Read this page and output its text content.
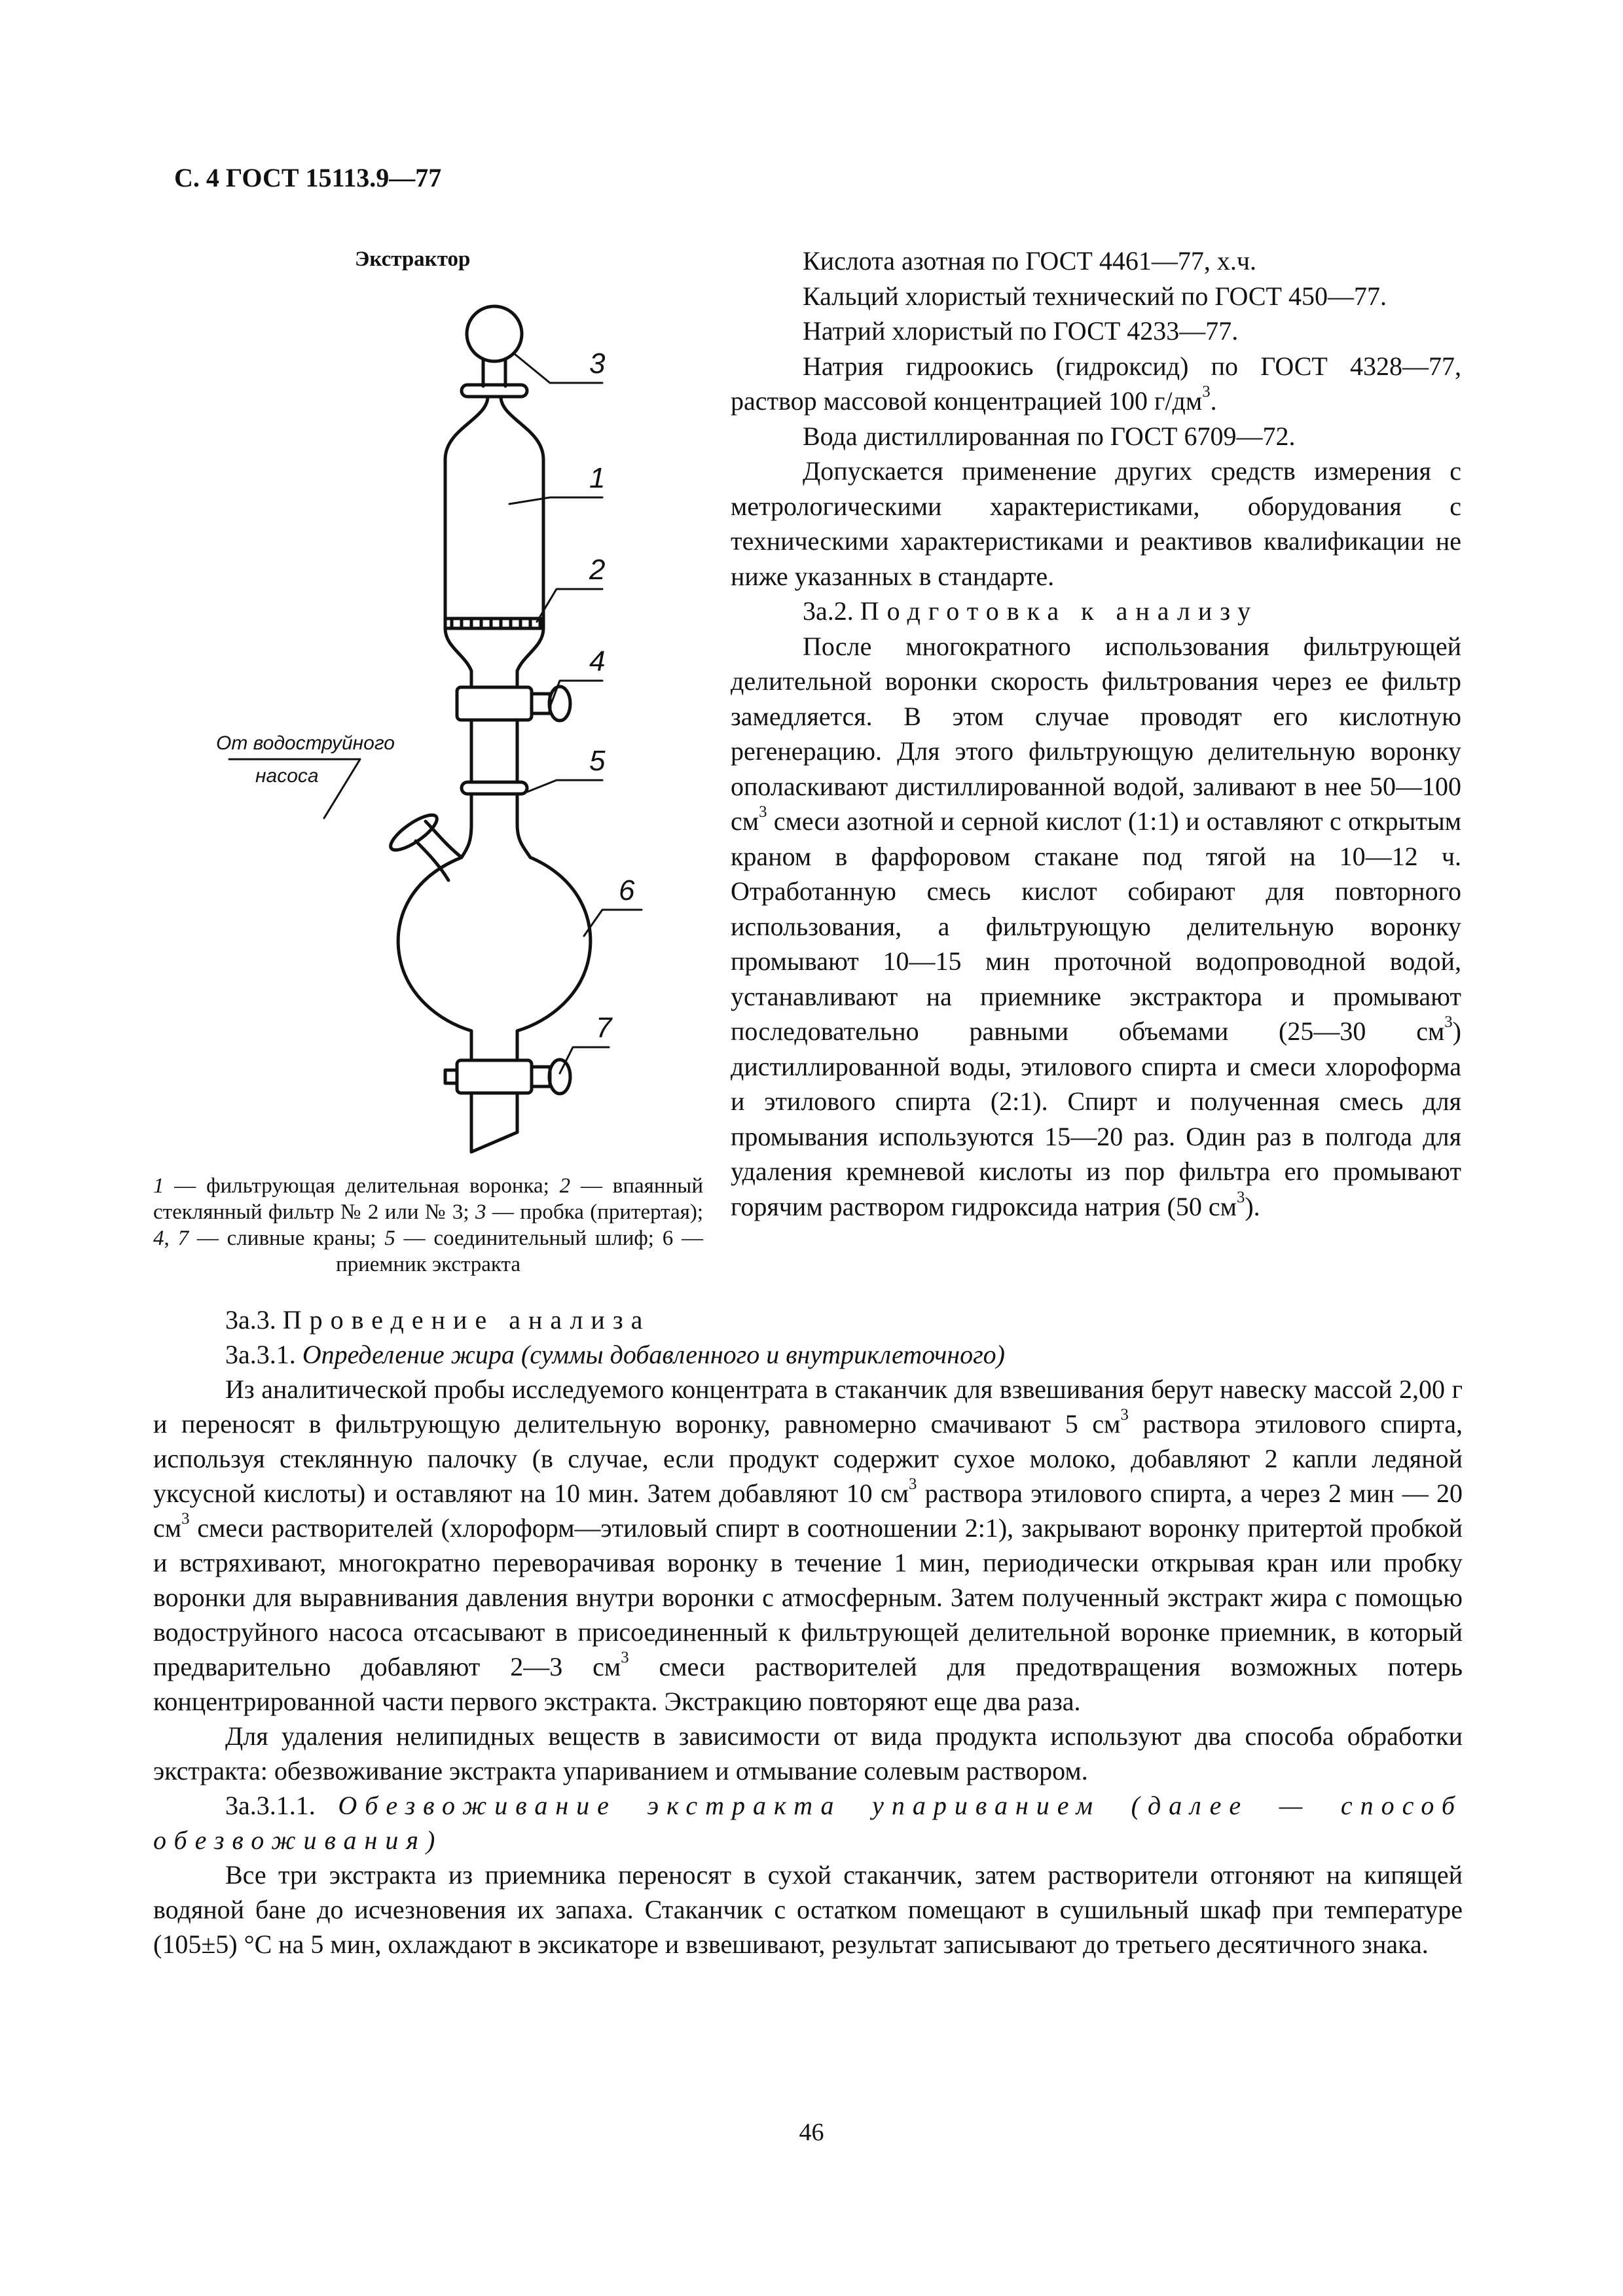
С. 4 ГОСТ 15113.9—77
Экстрактор
3
1
2
4
5
6
7
От водоструйного
насоса
1 — фильтрующая делительная воронка; 2 — впаянный стеклянный фильтр № 2 или № 3; 3 — пробка (притертая); 4, 7 — сливные краны; 5 — соединительный шлиф; 6 — приемник экстракта

Кислота азотная по ГОСТ 4461—77, х.ч.

Кальций хлористый технический по ГОСТ 450—77.

Натрий хлористый по ГОСТ 4233—77.

Натрия гидроокись (гидроксид) по ГОСТ 4328—77, раствор массовой концентрацией 100 $г/дм^3$.

Вода дистиллированная по ГОСТ 6709—72.

Допускается применение других средств измерения с метрологическими характеристиками, оборудования с техническими характеристиками и реактивов квалификации не ниже указанных в стандарте.

3а.2. Подготовка к анализу

После многократного использования фильтрующей делительной воронки скорость фильтрования через ее фильтр замедляется. В этом случае проводят его кислотную регенерацию. Для этого фильтрующую делительную воронку ополаскивают дистиллированной водой, заливают в нее 50—100 $см^3$ смеси азотной и серной кислот (1:1) и оставляют с открытым краном в фарфоровом стакане под тягой на 10—12 ч. Отработанную смесь кислот собирают для повторного использования, а фильтрующую делительную воронку промывают 10—15 мин проточной водопроводной водой, устанавливают на приемнике экстрактора и промывают последовательно равными объемами (25—30 $см^3$) дистиллированной воды, этилового спирта и смеси хлороформа и этилового спирта (2:1). Спирт и полученная смесь для промывания используются 15—20 раз. Один раз в полгода для удаления кремневой кислоты из пор фильтра его промывают горячим раствором гидроксида натрия (50 $см^3$).

3а.3. Проведение анализа

3а.3.1. Определение жира (суммы добавленного и внутриклеточного)

Из аналитической пробы исследуемого концентрата в стаканчик для взвешивания берут навеску массой 2,00 г и переносят в фильтрующую делительную воронку, равномерно смачивают 5 $см^3$ раствора этилового спирта, используя стеклянную палочку (в случае, если продукт содержит сухое молоко, добавляют 2 капли ледяной уксусной кислоты) и оставляют на 10 мин. Затем добавляют 10 $см^3$ раствора этилового спирта, а через 2 мин — 20 $см^3$ смеси растворителей (хлороформ—этиловый спирт в соотношении 2:1), закрывают воронку притертой пробкой и встряхивают, многократно переворачивая воронку в течение 1 мин, периодически открывая кран или пробку воронки для выравнивания давления внутри воронки с атмосферным. Затем полученный экстракт жира с помощью водоструйного насоса отсасывают в присоединенный к фильтрующей делительной воронке приемник, в который предварительно добавляют 2—3 $см^3$ смеси растворителей для предотвращения возможных потерь концентрированной части первого экстракта. Экстракцию повторяют еще два раза.

Для удаления нелипидных веществ в зависимости от вида продукта используют два способа обработки экстракта: обезвоживание экстракта упариванием и отмывание солевым раствором.

3а.3.1.1. Обезвоживание экстракта упариванием (далее — способ обезвоживания)

Все три экстракта из приемника переносят в сухой стаканчик, затем растворители отгоняют на кипящей водяной бане до исчезновения их запаха. Стаканчик с остатком помещают в сушильный шкаф при температуре (105±5) °С на 5 мин, охлаждают в эксикаторе и взвешивают, результат записывают до третьего десятичного знака.

46
